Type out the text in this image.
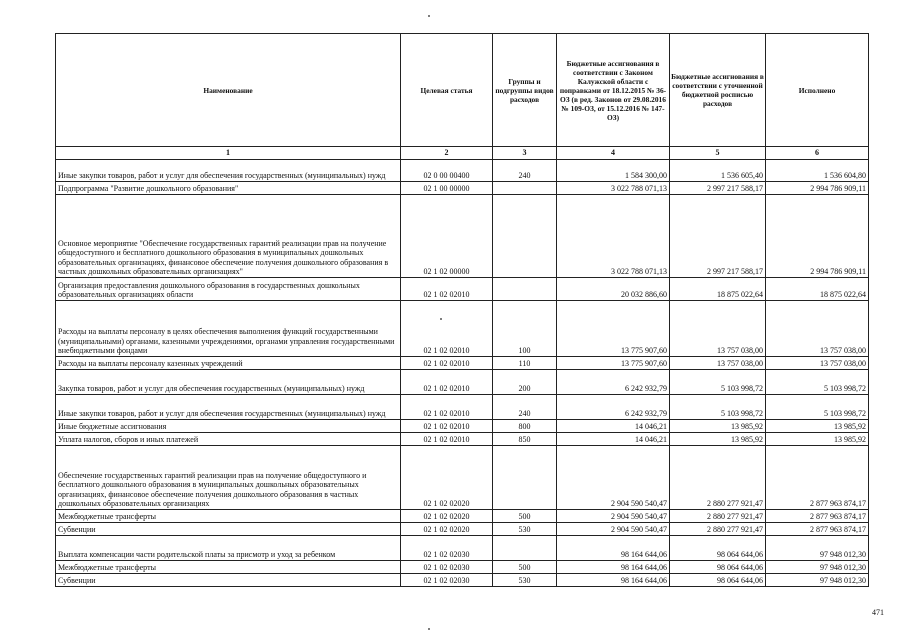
Наименование	Целевая статья	Группы и подгруппы видов расходов	Бюджетные ассигнования в соответствии с Законом Калужской области с поправками от 18.12.2015 № 36-ОЗ (в ред. Законов от 29.08.2016 № 109-ОЗ, от 15.12.2016 № 147-ОЗ)	Бюджетные ассигнования в соответствии с уточненной бюджетной росписью расходов	Исполнено
1	2	3	4	5	6
Иные закупки товаров, работ и услуг для обеспечения государственных (муниципальных) нужд	02 0 00 00400	240	1 584 300,00	1 536 605,40	1 536 604,80
Подпрограмма "Развитие дошкольного образования"	02 1 00 00000		3 022 788 071,13	2 997 217 588,17	2 994 786 909,11
Основное мероприятие "Обеспечение государственных гарантий реализации прав на получение общедоступного и бесплатного дошкольного образования в муниципальных дошкольных образовательных организациях, финансовое обеспечение получения дошкольного образования в частных дошкольных образовательных организациях"	02 1 02 00000		3 022 788 071,13	2 997 217 588,17	2 994 786 909,11
Организация предоставления дошкольного образования в государственных дошкольных образовательных организациях области	02 1 02 02010		20 032 886,60	18 875 022,64	18 875 022,64
Расходы на выплаты персоналу в целях обеспечения выполнения функций государственными (муниципальными) органами, казенными учреждениями, органами управления государственными внебюджетными фондами	02 1 02 02010	100	13 775 907,60	13 757 038,00	13 757 038,00
Расходы на выплаты персоналу казенных учреждений	02 1 02 02010	110	13 775 907,60	13 757 038,00	13 757 038,00
Закупка товаров, работ и услуг для обеспечения государственных (муниципальных) нужд	02 1 02 02010	200	6 242 932,79	5 103 998,72	5 103 998,72
Иные закупки товаров, работ и услуг для обеспечения государственных (муниципальных) нужд	02 1 02 02010	240	6 242 932,79	5 103 998,72	5 103 998,72
Иные бюджетные ассигнования	02 1 02 02010	800	14 046,21	13 985,92	13 985,92
Уплата налогов, сборов и иных платежей	02 1 02 02010	850	14 046,21	13 985,92	13 985,92
Обеспечение государственных гарантий реализации прав на получение общедоступного и бесплатного дошкольного образования в муниципальных дошкольных образовательных организациях, финансовое обеспечение получения дошкольного образования в частных дошкольных образовательных организациях	02 1 02 02020		2 904 590 540,47	2 880 277 921,47	2 877 963 874,17
Межбюджетные трансферты	02 1 02 02020	500	2 904 590 540,47	2 880 277 921,47	2 877 963 874,17
Субвенции	02 1 02 02020	530	2 904 590 540,47	2 880 277 921,47	2 877 963 874,17
Выплата компенсации части родительской платы за присмотр и уход за ребенком	02 1 02 02030		98 164 644,06	98 064 644,06	97 948 012,30
Межбюджетные трансферты	02 1 02 02030	500	98 164 644,06	98 064 644,06	97 948 012,30
Субвенции	02 1 02 02030	530	98 164 644,06	98 064 644,06	97 948 012,30
471
